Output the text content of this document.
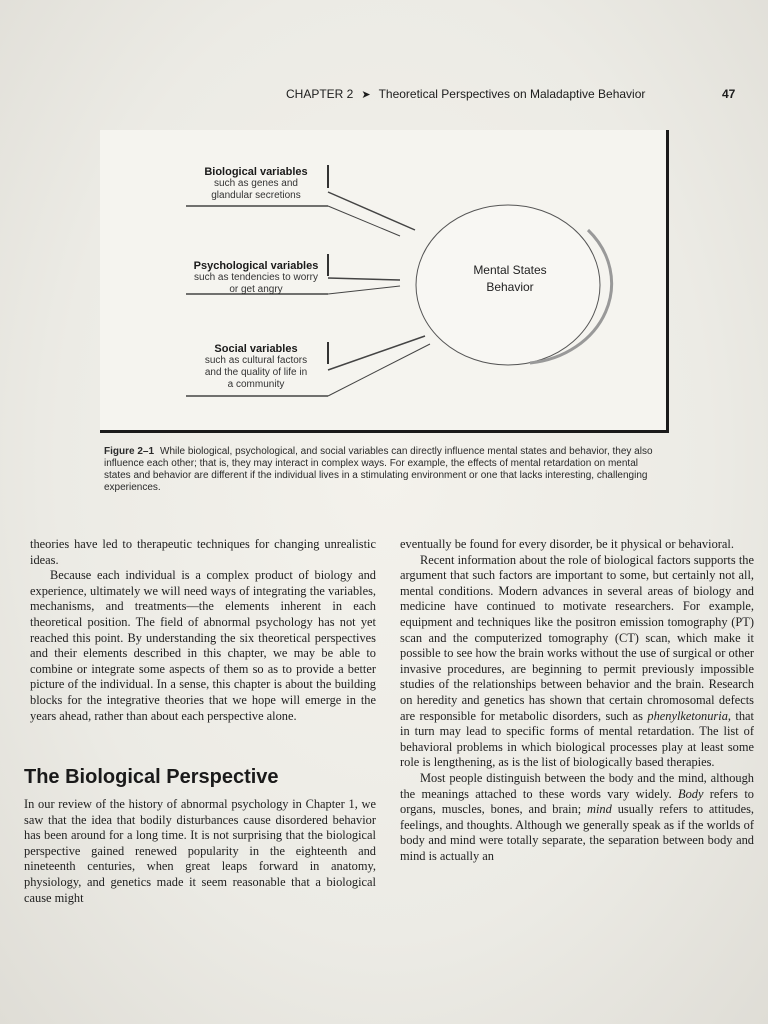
CHAPTER 2 ➤ Theoretical Perspectives on Maladaptive Behavior	47
Biological variables
such as genes and
glandular secretions
Psychological variables
such as tendencies to worry
or get angry
Social variables
such as cultural factors
and the quality of life in
a community
Mental States
Behavior
Figure 2–1 While biological, psychological, and social variables can directly influence mental states and behavior, they also influence each other; that is, they may interact in complex ways. For example, the effects of mental retardation on mental states and behavior are different if the individual lives in a stimulating environment or one that lacks interesting, challenging experiences.

theories have led to therapeutic techniques for changing unrealistic ideas.

Because each individual is a complex product of biology and experience, ultimately we will need ways of integrating the variables, mechanisms, and treatments—the elements inherent in each theoretical position. The field of abnormal psychology has not yet reached this point. By understanding the six theoretical perspectives and their elements described in this chapter, we may be able to combine or integrate some aspects of them so as to provide a better picture of the individual. In a sense, this chapter is about the building blocks for the integrative theories that we hope will emerge in the years ahead, rather than about each perspective alone.

The Biological Perspective

In our review of the history of abnormal psychology in Chapter 1, we saw that the idea that bodily disturbances cause disordered behavior has been around for a long time. It is not surprising that the biological perspective gained renewed popularity in the eighteenth and nineteenth centuries, when great leaps forward in anatomy, physiology, and genetics made it seem reasonable that a biological cause might

eventually be found for every disorder, be it physical or behavioral.

Recent information about the role of biological factors supports the argument that such factors are important to some, but certainly not all, mental conditions. Modern advances in several areas of biology and medicine have continued to motivate researchers. For example, equipment and techniques like the positron emission tomography (PT) scan and the computerized tomography (CT) scan, which make it possible to see how the brain works without the use of surgical or other invasive procedures, are beginning to permit previously impossible studies of the relationships between behavior and the brain. Research on heredity and genetics has shown that certain chromosomal defects are responsible for metabolic disorders, such as phenylketonuria, that in turn may lead to specific forms of mental retardation. The list of behavioral problems in which biological processes play at least some role is lengthening, as is the list of biologically based therapies.

Most people distinguish between the body and the mind, although the meanings attached to these words vary widely. Body refers to organs, muscles, bones, and brain; mind usually refers to attitudes, feelings, and thoughts. Although we generally speak as if the worlds of body and mind were totally separate, the separation between body and mind is actually an
